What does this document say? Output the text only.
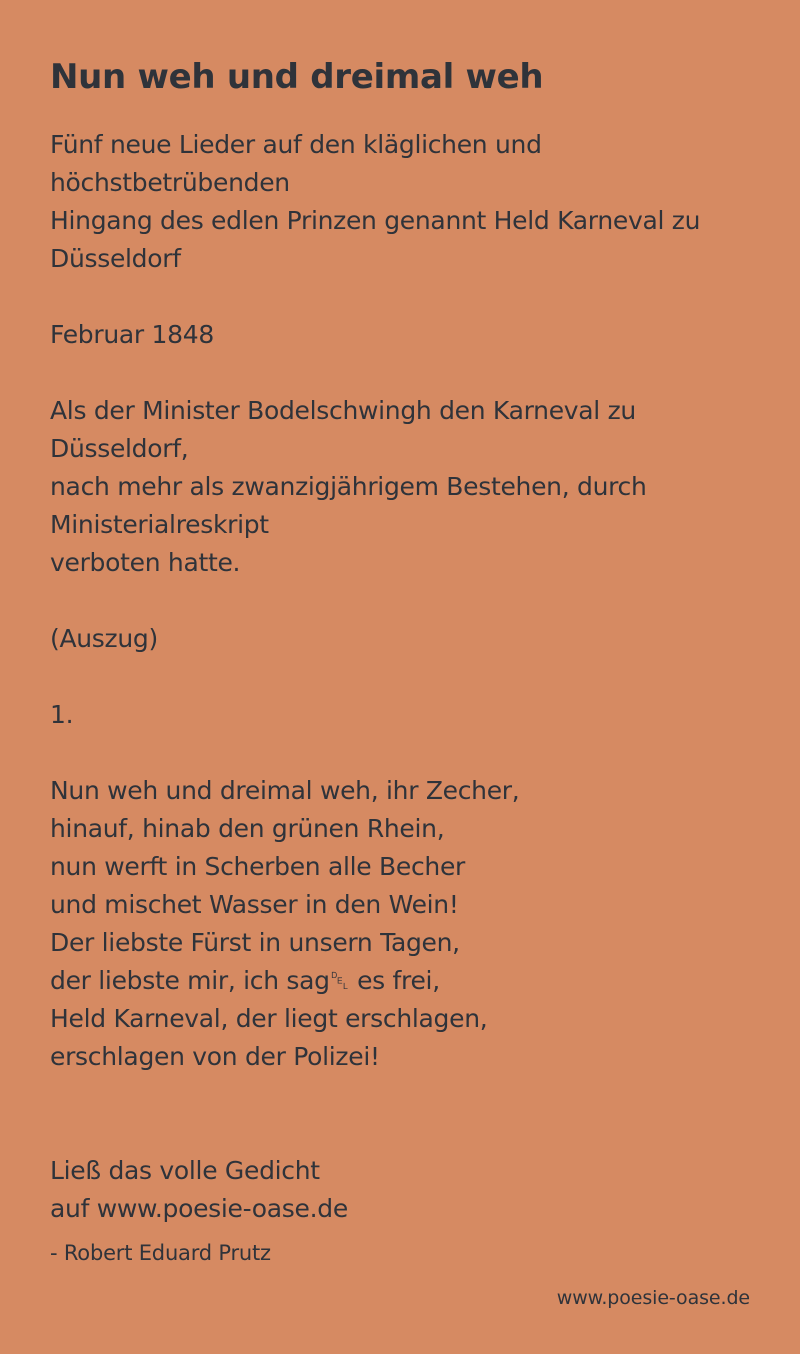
Nun weh und dreimal weh
Fünf neue Lieder auf den kläglichen und
höchstbetrübenden
Hingang des edlen Prinzen genannt Held Karneval zu
Düsseldorf
Februar 1848
Als der Minister Bodelschwingh den Karneval zu
Düsseldorf,
nach mehr als zwanzigjährigem Bestehen, durch
Ministerialreskript
verboten hatte.
(Auszug)
1.
Nun weh und dreimal weh, ihr Zecher,
hinauf, hinab den grünen Rhein,
nun werft in Scherben alle Becher
und mischet Wasser in den Wein!
Der liebste Fürst in unsern Tagen,
der liebste mir, ich sag␡ es frei,
Held Karneval, der liegt erschlagen,
erschlagen von der Polizei!
Ließ das volle Gedicht
auf www.poesie-oase.de
- Robert Eduard Prutz
www.poesie-oase.de
